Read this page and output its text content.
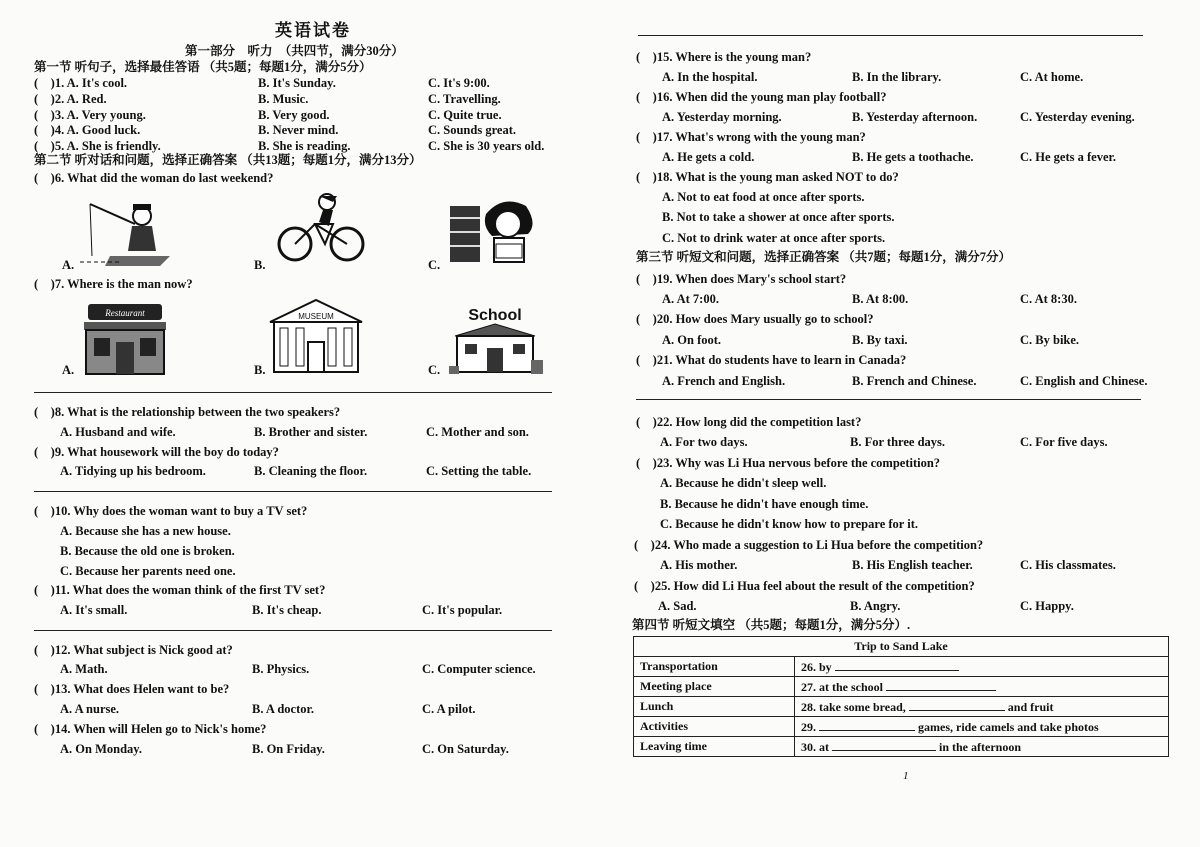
英语试卷
第一部分　听力　（共四节，满分30分）
第一节 听句子，选择最佳答语 （共5题；每题1分，满分5分）
(　)1. A. It's cool.	B. It's Sunday.	C. It's 9:00.
(　)2. A. Red.	B. Music.	C. Travelling.
(　)3. A. Very young.	B. Very good.	C. Quite true.
(　)4. A. Good luck.	B. Never mind.	C. Sounds great.
(　)5. A. She is friendly.	B. She is reading.	C. She is 30 years old.
第二节 听对话和问题，选择正确答案 （共13题；每题1分，满分13分）
(　)6. What did the woman do last weekend?
A.	B.	C.
(　)7. Where is the man now?
A.	B.	C.
Restaurant	MUSEUM	School
(　)8. What is the relationship between the two speakers?
A. Husband and wife.	B. Brother and sister.	C. Mother and son.
(　)9. What housework will the boy do today?
A. Tidying up his bedroom.	B. Cleaning the floor.	C. Setting the table.
(　)10. Why does the woman want to buy a TV set?
A. Because she has a new house.
B. Because the old one is broken.
C. Because her parents need one.
(　)11. What does the woman think of the first TV set?
A. It's small.	B. It's cheap.	C. It's popular.
(　)12. What subject is Nick good at?
A. Math.	B. Physics.	C. Computer science.
(　)13. What does Helen want to be?
A. A nurse.	B. A doctor.	C. A pilot.
(　)14. When will Helen go to Nick's home?
A. On Monday.	B. On Friday.	C. On Saturday.
(　)15. Where is the young man?
A. In the hospital.	B. In the library.	C. At home.
(　)16. When did the young man play football?
A. Yesterday morning.	B. Yesterday afternoon.	C. Yesterday evening.
(　)17. What's wrong with the young man?
A. He gets a cold.	B. He gets a toothache.	C. He gets a fever.
(　)18. What is the young man asked NOT to do?
A. Not to eat food at once after sports.
B. Not to take a shower at once after sports.
C. Not to drink water at once after sports.
第三节 听短文和问题，选择正确答案 （共7题；每题1分，满分7分）
(　)19. When does Mary's school start?
A. At 7:00.	B. At 8:00.	C. At 8:30.
(　)20. How does Mary usually go to school?
A. On foot.	B. By taxi.	C. By bike.
(　)21. What do students have to learn in Canada?
A. French and English.	B. French and Chinese.	C. English and Chinese.
(　)22. How long did the competition last?
A. For two days.	B. For three days.	C. For five days.
(　)23. Why was Li Hua nervous before the competition?
A. Because he didn't sleep well.
B. Because he didn't have enough time.
C. Because he didn't know how to prepare for it.
(　)24. Who made a suggestion to Li Hua before the competition?
A. His mother.	B. His English teacher.	C. His classmates.
(　)25. How did Li Hua feel about the result of the competition?
A. Sad.	B. Angry.	C. Happy.
第四节 听短文填空 （共5题；每题1分，满分5分）.
Trip to Sand Lake	
Transportation	26. by
Meeting place	27. at the school
Lunch	28. take some bread, and fruit
Activities	29. games, ride camels and take photos
Leaving time	30. at in the afternoon
1
